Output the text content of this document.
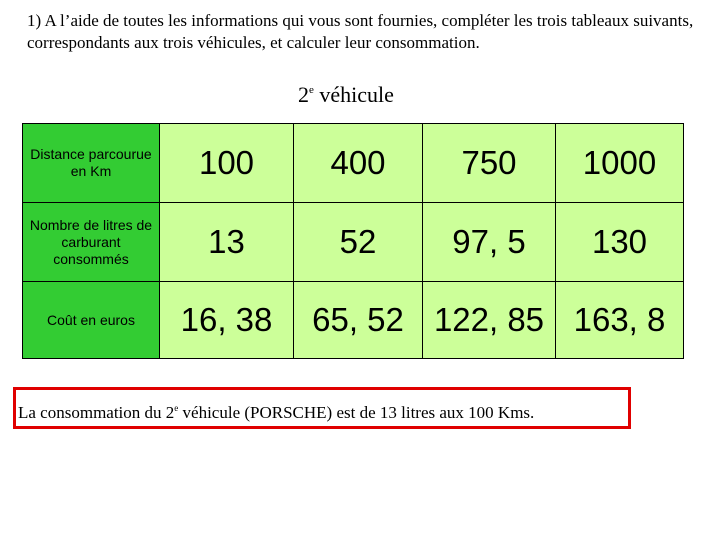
1) A l’aide de toutes les informations qui vous sont fournies, compléter les trois tableaux suivants, correspondants aux trois véhicules, et calculer leur consommation.
2e véhicule
Distance parcourue en Km	100	400	750	1000
Nombre de litres de carburant consommés	13	52	97, 5	130
Coût en euros	16, 38	65, 52	122, 85	163, 8
La consommation du 2e véhicule (PORSCHE) est de 13 litres aux 100 Kms.
